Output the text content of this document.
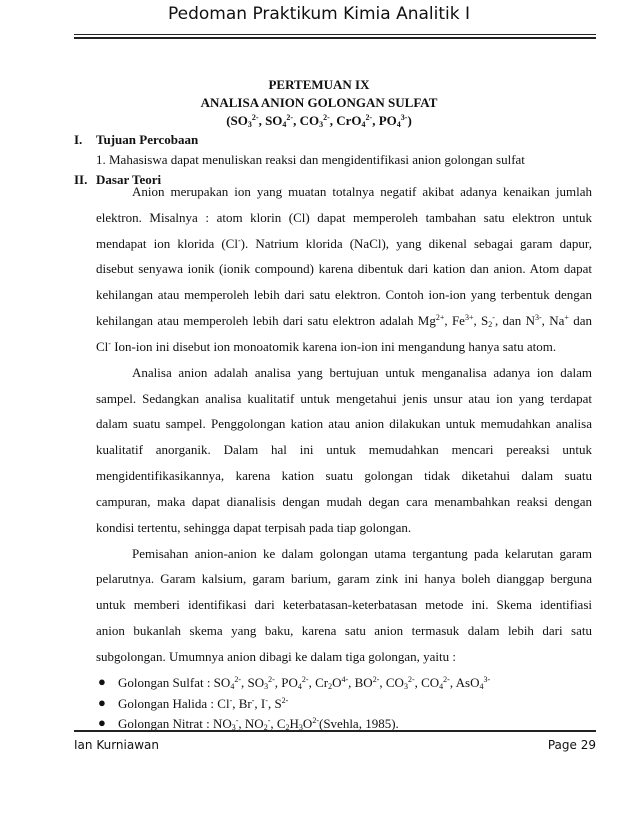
Pedoman Praktikum Kimia Analitik I
PERTEMUAN IX
ANALISA ANION GOLONGAN SULFAT
($SO_3^{2-}$, $SO_4^{2-}$, $CO_3^{2-}$, CrO$_4^{2-}$, $PO_4^{3-}$)
I. Tujuan Percobaan
1. Mahasiswa dapat menuliskan reaksi dan mengidentifikasi anion golongan sulfat
II. Dasar Teori
Anion merupakan ion yang muatan totalnya negatif akibat adanya kenaikan jumlah
elektron. Misalnya : atom klorin (Cl) dapat memperoleh tambahan satu elektron untuk
mendapat ion klorida (Cl-). Natrium klorida (NaCl), yang dikenal sebagai garam dapur,
disebut senyawa ionik (ionik compound) karena dibentuk dari kation dan anion. Atom dapat
kehilangan atau memperoleh lebih dari satu elektron. Contoh ion-ion yang terbentuk dengan
kehilangan atau memperoleh lebih dari satu elektron adalah $Mg^{2+}$, $Fe^{3+}$, $S_2^-$, dan $N^{3-}$, Na+ dan
Cl- Ion-ion ini disebut ion monoatomik karena ion-ion ini mengandung hanya satu atom.
Analisa anion adalah analisa yang bertujuan untuk menganalisa adanya ion dalam
sampel. Sedangkan analisa kualitatif untuk mengetahui jenis unsur atau ion yang terdapat
dalam suatu sampel. Penggolongan kation atau anion dilakukan untuk memudahkan analisa
kualitatif anorganik. Dalam hal ini untuk memudahkan mencari pereaksi untuk
mengidentifikasikannya, karena kation suatu golongan tidak diketahui dalam suatu
campuran, maka dapat dianalisis dengan mudah degan cara menambahkan reaksi dengan
kondisi tertentu, sehingga dapat terpisah pada tiap golongan.
Pemisahan anion-anion ke dalam golongan utama tergantung pada kelarutan garam
pelarutnya. Garam kalsium, garam barium, garam zink ini hanya boleh dianggap berguna
untuk memberi identifikasi dari keterbatasan-keterbatasan metode ini. Skema identifiasi
anion bukanlah skema yang baku, karena satu anion termasuk dalam lebih dari satu
subgolongan. Umumnya anion dibagi ke dalam tiga golongan, yaitu :
● Golongan Sulfat : $SO_4^{2-}$, $SO_3^{2-}$, $PO_4^{2-}$, $Cr_2O^{4-}$, $BO^{2-}$, $CO_3^{2-}$, $CO_4^{2-}$, AsO$_4^{3-}$
● Golongan Halida : Cl-, Br-, I-, $S^{2-}$
● Golongan Nitrat : $NO_3^-$, $NO_2^-$, $C_2H_3O^{2-}(Svehla$, 1985).
Ian Kurniawan	Page 29
